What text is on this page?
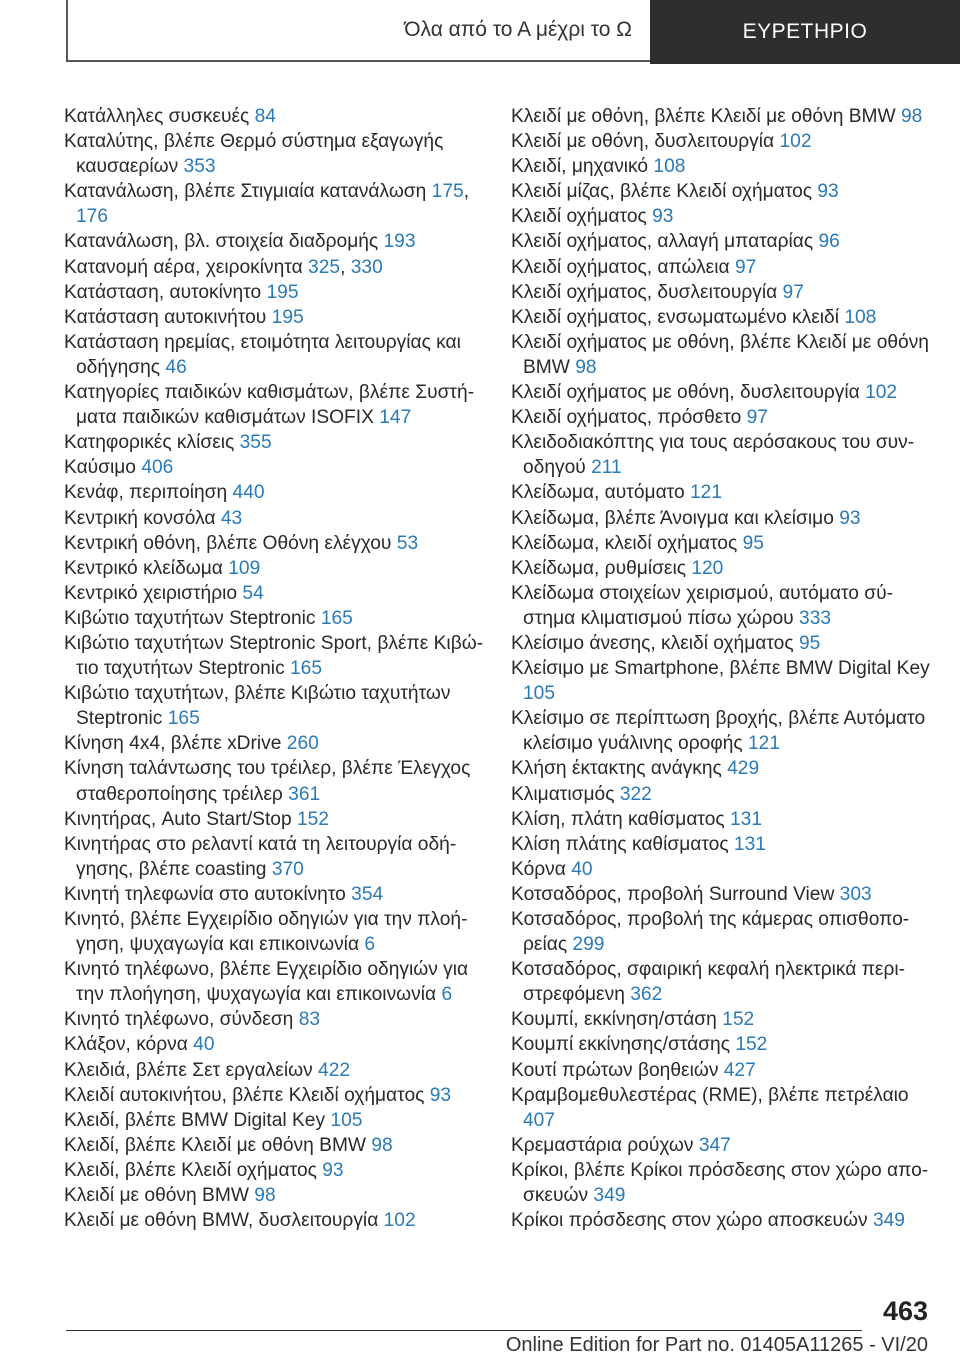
Όλα από το Α μέχρι το Ω	ΕΥΡΕΤΗΡΙΟ
Κατάλληλες συσκευές 84
Καταλύτης, βλέπε Θερμό σύστημα εξαγωγής καυσαερίων 353
Κατανάλωση, βλέπε Στιγμιαία κατανάλωση 175, 176
Κατανάλωση, βλ. στοιχεία διαδρομής 193
Κατανομή αέρα, χειροκίνητα 325, 330
Κατάσταση, αυτοκίνητο 195
Κατάσταση αυτοκινήτου 195
Κατάσταση ηρεμίας, ετοιμότητα λειτουργίας και οδήγησης 46
Κατηγορίες παιδικών καθισμάτων, βλέπε Συστήματα παιδικών καθισμάτων ISOFIX 147
Κατηφορικές κλίσεις 355
Καύσιμο 406
Κενάφ, περιποίηση 440
Κεντρική κονσόλα 43
Κεντρική οθόνη, βλέπε Οθόνη ελέγχου 53
Κεντρικό κλείδωμα 109
Κεντρικό χειριστήριο 54
Κιβώτιο ταχυτήτων Steptronic 165
Κιβώτιο ταχυτήτων Steptronic Sport, βλέπε Κιβώτιο ταχυτήτων Steptronic 165
Κιβώτιο ταχυτήτων, βλέπε Κιβώτιο ταχυτήτων Steptronic 165
Κίνηση 4x4, βλέπε xDrive 260
Κίνηση ταλάντωσης του τρέιλερ, βλέπε Έλεγχος σταθεροποίησης τρέιλερ 361
Κινητήρας, Auto Start/Stop 152
Κινητήρας στο ρελαντί κατά τη λειτουργία οδήγησης, βλέπε coasting 370
Κινητή τηλεφωνία στο αυτοκίνητο 354
Κινητό, βλέπε Εγχειρίδιο οδηγιών για την πλοήγηση, ψυχαγωγία και επικοινωνία 6
Κινητό τηλέφωνο, βλέπε Εγχειρίδιο οδηγιών για την πλοήγηση, ψυχαγωγία και επικοινωνία 6
Κινητό τηλέφωνο, σύνδεση 83
Κλάξον, κόρνα 40
Κλειδιά, βλέπε Σετ εργαλείων 422
Κλειδί αυτοκινήτου, βλέπε Κλειδί οχήματος 93
Κλειδί, βλέπε BMW Digital Key 105
Κλειδί, βλέπε Κλειδί με οθόνη BMW 98
Κλειδί, βλέπε Κλειδί οχήματος 93
Κλειδί με οθόνη BMW 98
Κλειδί με οθόνη BMW, δυσλειτουργία 102
Κλειδί με οθόνη, βλέπε Κλειδί με οθόνη BMW 98
Κλειδί με οθόνη, δυσλειτουργία 102
Κλειδί, μηχανικό 108
Κλειδί μίζας, βλέπε Κλειδί οχήματος 93
Κλειδί οχήματος 93
Κλειδί οχήματος, αλλαγή μπαταρίας 96
Κλειδί οχήματος, απώλεια 97
Κλειδί οχήματος, δυσλειτουργία 97
Κλειδί οχήματος, ενσωματωμένο κλειδί 108
Κλειδί οχήματος με οθόνη, βλέπε Κλειδί με οθόνη BMW 98
Κλειδί οχήματος με οθόνη, δυσλειτουργία 102
Κλειδί οχήματος, πρόσθετο 97
Κλειδοδιακόπτης για τους αερόσακους του συνοδηγού 211
Κλείδωμα, αυτόματο 121
Κλείδωμα, βλέπε Άνοιγμα και κλείσιμο 93
Κλείδωμα, κλειδί οχήματος 95
Κλείδωμα, ρυθμίσεις 120
Κλείδωμα στοιχείων χειρισμού, αυτόματο σύστημα κλιματισμού πίσω χώρου 333
Κλείσιμο άνεσης, κλειδί οχήματος 95
Κλείσιμο με Smartphone, βλέπε BMW Digital Key 105
Κλείσιμο σε περίπτωση βροχής, βλέπε Αυτόματο κλείσιμο γυάλινης οροφής 121
Κλήση έκτακτης ανάγκης 429
Κλιματισμός 322
Κλίση, πλάτη καθίσματος 131
Κλίση πλάτης καθίσματος 131
Κόρνα 40
Κοτσαδόρος, προβολή Surround View 303
Κοτσαδόρος, προβολή της κάμερας οπισθοπορείας 299
Κοτσαδόρος, σφαιρική κεφαλή ηλεκτρικά περιστρεφόμενη 362
Κουμπί, εκκίνηση/στάση 152
Κουμπί εκκίνησης/στάσης 152
Κουτί πρώτων βοηθειών 427
Κραμβομεθυλεστέρας (RME), βλέπε πετρέλαιο 407
Κρεμαστάρια ρούχων 347
Κρίκοι, βλέπε Κρίκοι πρόσδεσης στον χώρο αποσκευών 349
Κρίκοι πρόσδεσης στον χώρο αποσκευών 349
463
Online Edition for Part no. 01405A11265 - VI/20
